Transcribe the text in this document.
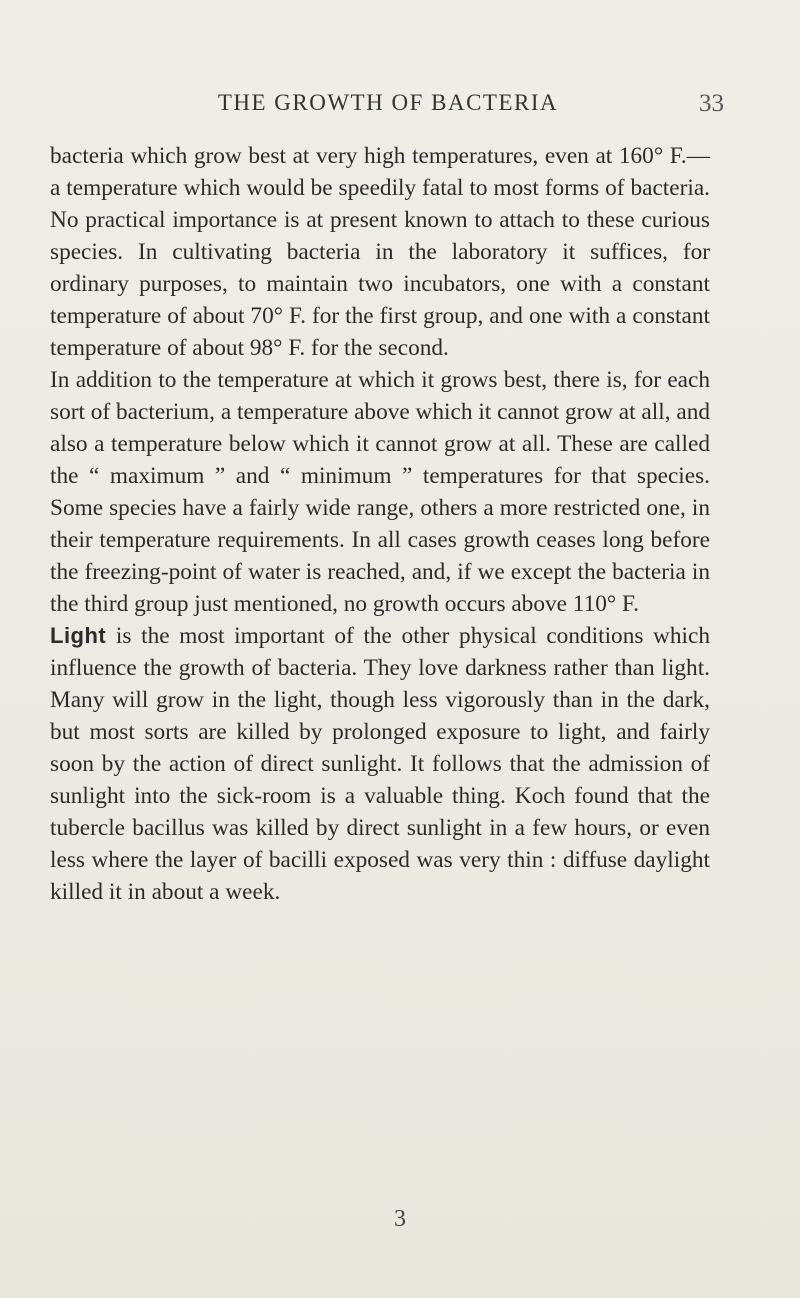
THE GROWTH OF BACTERIA	33

bacteria which grow best at very high temperatures, even at 160° F.—a temperature which would be speedily fatal to most forms of bacteria. No practical importance is at present known to attach to these curious species. In cultivating bacteria in the laboratory it suffices, for ordinary purposes, to maintain two incubators, one with a constant temperature of about 70° F. for the first group, and one with a constant temperature of about 98° F. for the second.

In addition to the temperature at which it grows best, there is, for each sort of bacterium, a temperature above which it cannot grow at all, and also a temperature below which it cannot grow at all. These are called the “ maximum ” and “ minimum ” temperatures for that species. Some species have a fairly wide range, others a more restricted one, in their temperature requirements. In all cases growth ceases long before the freezing-point of water is reached, and, if we except the bacteria in the third group just mentioned, no growth occurs above 110° F.

Light is the most important of the other physical conditions which influence the growth of bacteria. They love darkness rather than light. Many will grow in the light, though less vigorously than in the dark, but most sorts are killed by prolonged exposure to light, and fairly soon by the action of direct sunlight. It follows that the admission of sunlight into the sick-room is a valuable thing. Koch found that the tubercle bacillus was killed by direct sunlight in a few hours, or even less where the layer of bacilli exposed was very thin : diffuse daylight killed it in about a week.

3
